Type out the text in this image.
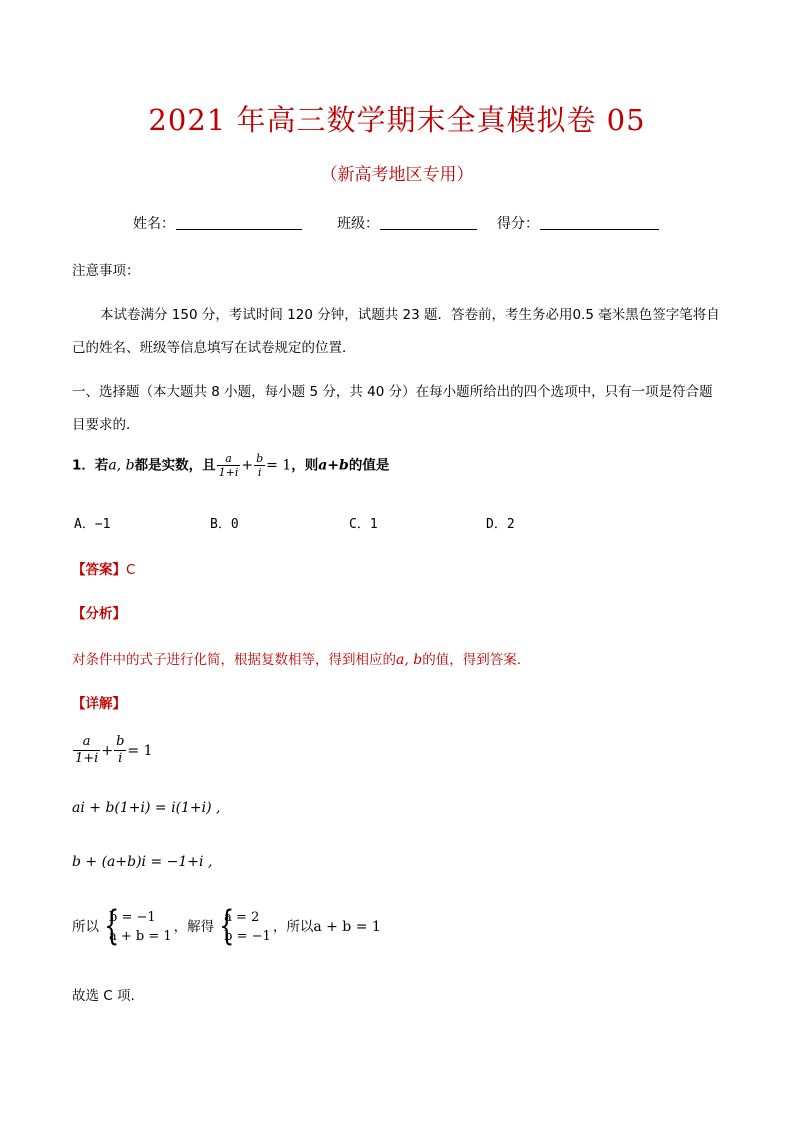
2021 年高三数学期末全真模拟卷 05
（新高考地区专用）
姓名：	班级：	得分：
注意事项：
本试卷满分 150 分，考试时间 120 分钟，试题共 23 题．答卷前，考生务必用0.5 毫米黑色签字笔将自
己的姓名、班级等信息填写在试卷规定的位置．
一、选择题（本大题共 8 小题，每小题 5 分，共 40 分）在每小题所给出的四个选项中，只有一项是符合题
目要求的．
1．若a, b都是实数，且 $\frac{a}{1+i} + \frac{b}{i} = 1$，则a+b的值是
A．−1	B．0	C．1	D．2
【答案】C
【分析】
对条件中的式子进行化简，根据复数相等，得到相应的a, b的值，得到答案.
【详解】
$\frac{a}{1+i} + \frac{b}{i} = 1$
ai + b(1+i) = i(1+i) ,
b + (a+b)i = −1+i ,
所以 {
b = −1
a + b = 1
，解得 {
a = 2
b = −1
，所以a + b = 1
故选 C 项.
